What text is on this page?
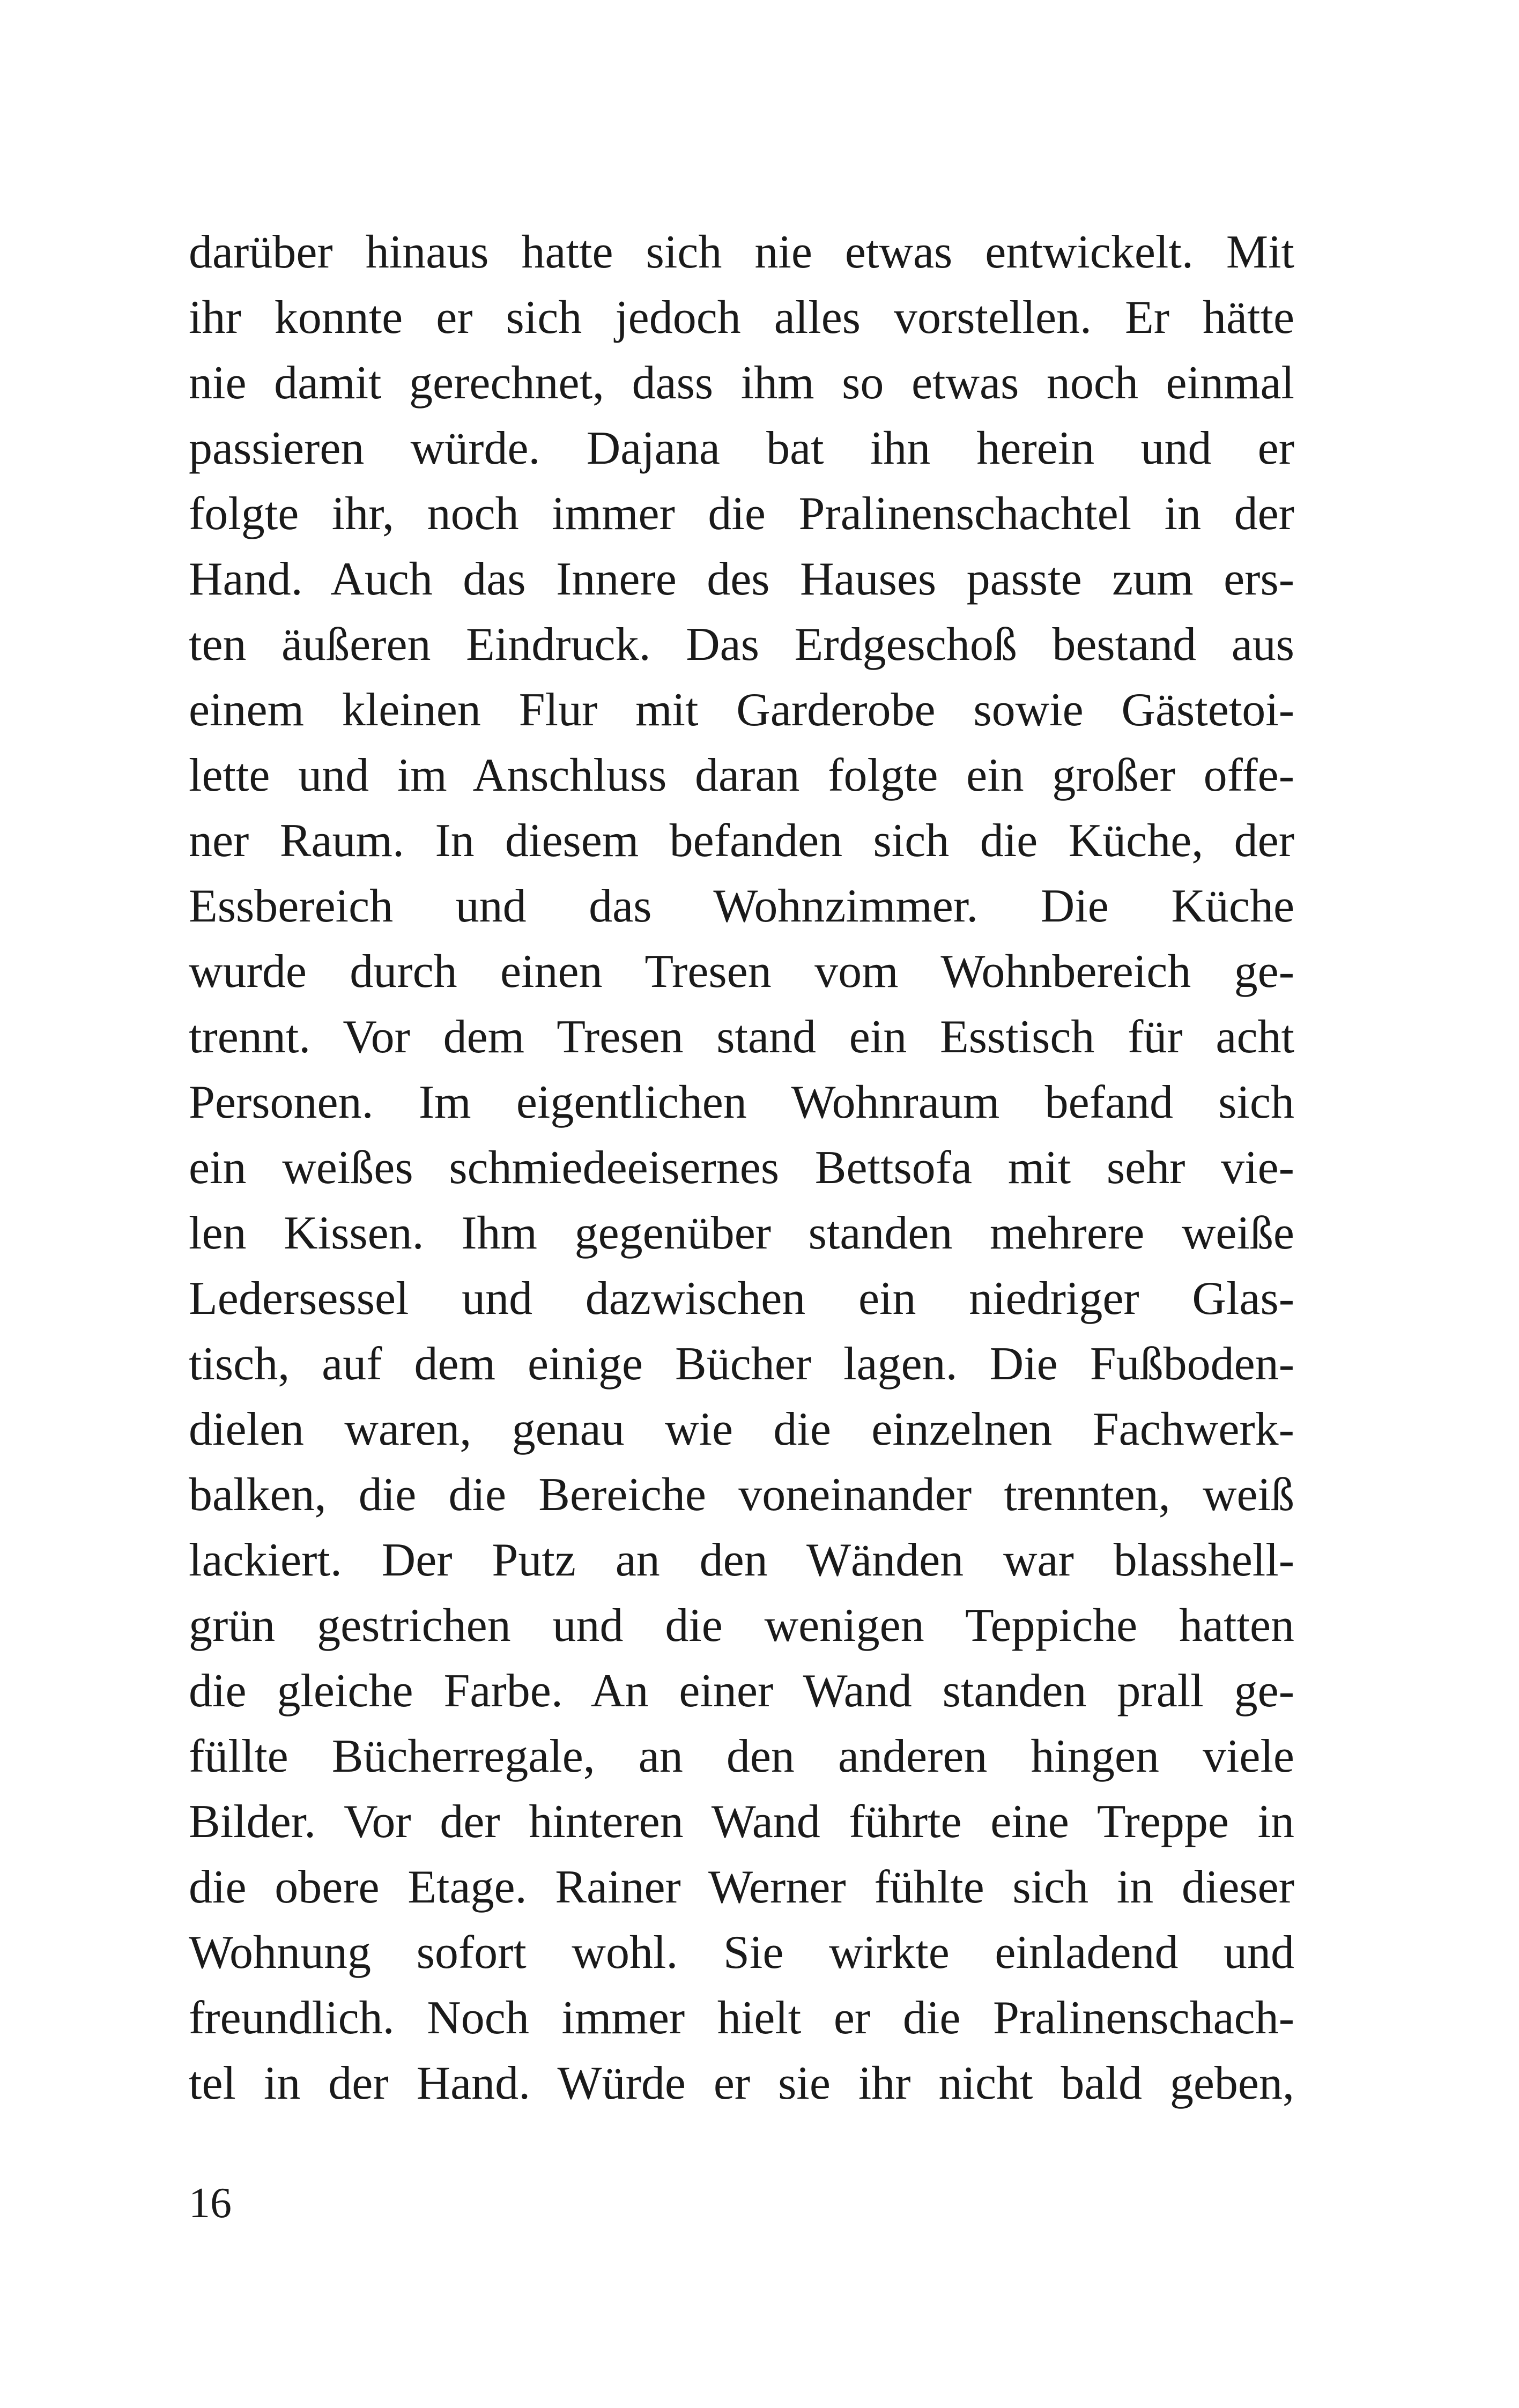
darüber hinaus hatte sich nie etwas entwickelt. Mit
ihr konnte er sich jedoch alles vorstellen. Er hätte
nie damit gerechnet, dass ihm so etwas noch einmal
passieren würde. Dajana bat ihn herein und er
folgte ihr, noch immer die Pralinenschachtel in der
Hand. Auch das Innere des Hauses passte zum ers-
ten äußeren Eindruck. Das Erdgeschoß bestand aus
einem kleinen Flur mit Garderobe sowie Gästetoi-
lette und im Anschluss daran folgte ein großer offe-
ner Raum. In diesem befanden sich die Küche, der
Essbereich und das Wohnzimmer. Die Küche
wurde durch einen Tresen vom Wohnbereich ge-
trennt. Vor dem Tresen stand ein Esstisch für acht
Personen. Im eigentlichen Wohnraum befand sich
ein weißes schmiedeeisernes Bettsofa mit sehr vie-
len Kissen. Ihm gegenüber standen mehrere weiße
Ledersessel und dazwischen ein niedriger Glas-
tisch, auf dem einige Bücher lagen. Die Fußboden-
dielen waren, genau wie die einzelnen Fachwerk-
balken, die die Bereiche voneinander trennten, weiß
lackiert. Der Putz an den Wänden war blasshell-
grün gestrichen und die wenigen Teppiche hatten
die gleiche Farbe. An einer Wand standen prall ge-
füllte Bücherregale, an den anderen hingen viele
Bilder. Vor der hinteren Wand führte eine Treppe in
die obere Etage. Rainer Werner fühlte sich in dieser
Wohnung sofort wohl. Sie wirkte einladend und
freundlich. Noch immer hielt er die Pralinenschach-
tel in der Hand. Würde er sie ihr nicht bald geben,
16
